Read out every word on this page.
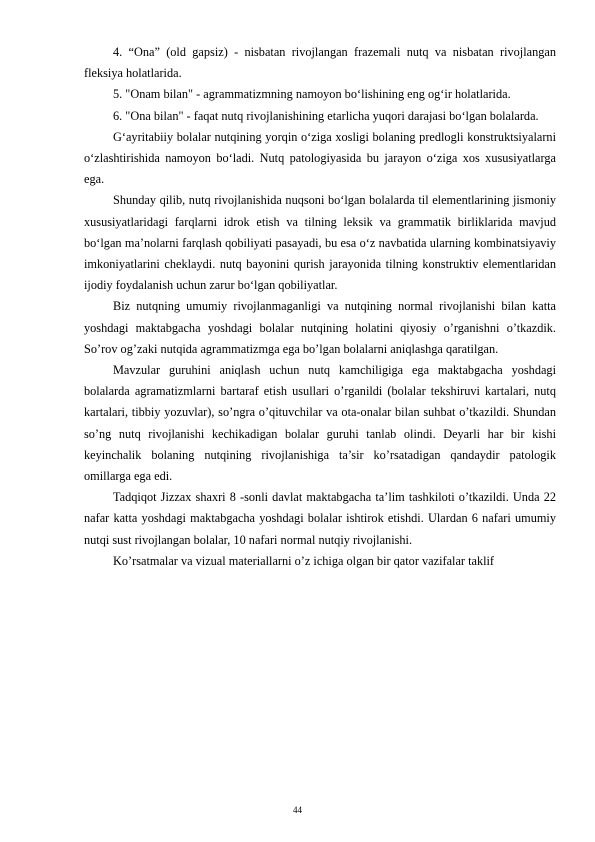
4. “Ona” (old gapsiz) - nisbatan rivojlangan frazemali nutq va nisbatan rivojlangan fleksiya holatlarida.

5. "Onam bilan" - agrammatizmning namoyon bo‘lishining eng og‘ir holatlarida.

6. "Ona bilan" - faqat nutq rivojlanishining etarlicha yuqori darajasi bo‘lgan bolalarda.

G‘ayritabiiy bolalar nutqining yorqin o‘ziga xosligi bolaning predlogli konstruktsiyalarni o‘zlashtirishida namoyon bo‘ladi. Nutq patologiyasida bu jarayon o‘ziga xos xususiyatlarga ega.

Shunday qilib, nutq rivojlanishida nuqsoni bo‘lgan bolalarda til elementlarining jismoniy xususiyatlaridagi farqlarni idrok etish va tilning leksik va grammatik birliklarida mavjud bo‘lgan ma’nolarni farqlash qobiliyati pasayadi, bu esa o‘z navbatida ularning kombinatsiyaviy imkoniyatlarini cheklaydi. nutq bayonini qurish jarayonida tilning konstruktiv elementlaridan ijodiy foydalanish uchun zarur bo‘lgan qobiliyatlar.

Biz nutqning umumiy rivojlanmaganligi va nutqining normal rivojlanishi bilan katta yoshdagi maktabgacha yoshdagi bolalar nutqining holatini qiyosiy o’rganishni o’tkazdik. So’rov og’zaki nutqida agrammatizmga ega bo’lgan bolalarni aniqlashga qaratilgan.

Mavzular guruhini aniqlash uchun nutq kamchiligiga ega maktabgacha yoshdagi bolalarda agramatizmlarni bartaraf etish usullari o’rganildi (bolalar tekshiruvi kartalari, nutq kartalari, tibbiy yozuvlar), so’ngra o’qituvchilar va ota-onalar bilan suhbat o’tkazildi. Shundan so’ng nutq rivojlanishi kechikadigan bolalar guruhi tanlab olindi. Deyarli har bir kishi keyinchalik bolaning nutqining rivojlanishiga ta’sir ko’rsatadigan qandaydir patologik omillarga ega edi.

Tadqiqot Jizzax shaxri 8 -sonli davlat maktabgacha ta’lim tashkiloti o’tkazildi. Unda 22 nafar katta yoshdagi maktabgacha yoshdagi bolalar ishtirok etishdi. Ulardan 6 nafari umumiy nutqi sust rivojlangan bolalar, 10 nafari normal nutqiy rivojlanishi.

Ko’rsatmalar va vizual materiallarni o’z ichiga olgan bir qator vazifalar taklif

44
